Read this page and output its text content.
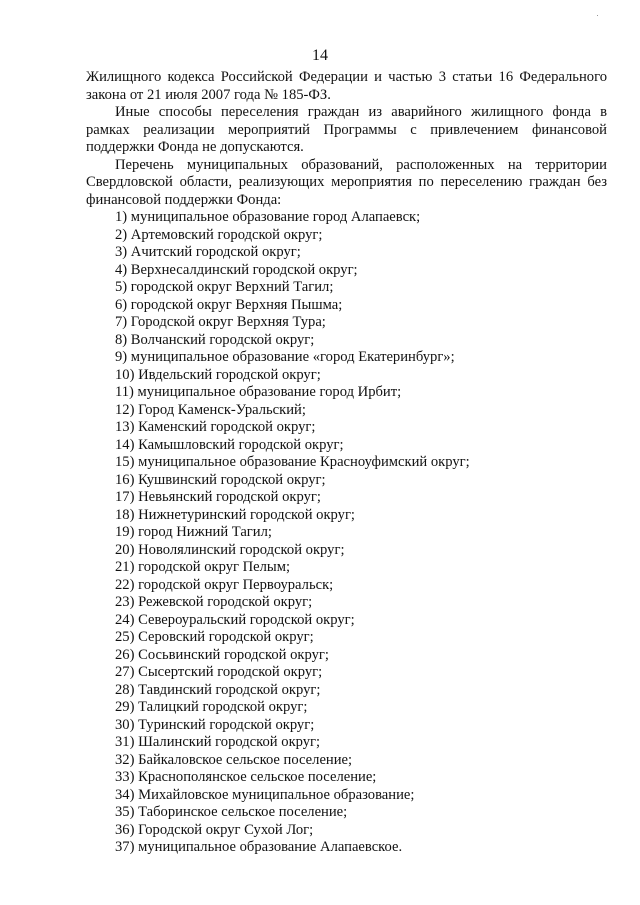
·
14

Жилищного кодекса Российской Федерации и частью 3 статьи 16 Федерального закона от 21 июля 2007 года № 185-ФЗ.

Иные способы переселения граждан из аварийного жилищного фонда в рамках реализации мероприятий Программы с привлечением финансовой поддержки Фонда не допускаются.

Перечень муниципальных образований, расположенных на территории Свердловской области, реализующих мероприятия по переселению граждан без финансовой поддержки Фонда:

1) муниципальное образование город Алапаевск;
2) Артемовский городской округ;
3) Ачитский городской округ;
4) Верхнесалдинский городской округ;
5) городской округ Верхний Тагил;
6) городской округ Верхняя Пышма;
7) Городской округ Верхняя Тура;
8) Волчанский городской округ;
9) муниципальное образование «город Екатеринбург»;
10) Ивдельский городской округ;
11) муниципальное образование город Ирбит;
12) Город Каменск-Уральский;
13) Каменский городской округ;
14) Камышловский городской округ;
15) муниципальное образование Красноуфимский округ;
16) Кушвинский городской округ;
17) Невьянский городской округ;
18) Нижнетуринский городской округ;
19) город Нижний Тагил;
20) Новолялинский городской округ;
21) городской округ Пелым;
22) городской округ Первоуральск;
23) Режевской городской округ;
24) Североуральский городской округ;
25) Серовский городской округ;
26) Сосьвинский городской округ;
27) Сысертский городской округ;
28) Тавдинский городской округ;
29) Талицкий городской округ;
30) Туринский городской округ;
31) Шалинский городской округ;
32) Байкаловское сельское поселение;
33) Краснополянское сельское поселение;
34) Михайловское муниципальное образование;
35) Таборинское сельское поселение;
36) Городской округ Сухой Лог;
37) муниципальное образование Алапаевское.
